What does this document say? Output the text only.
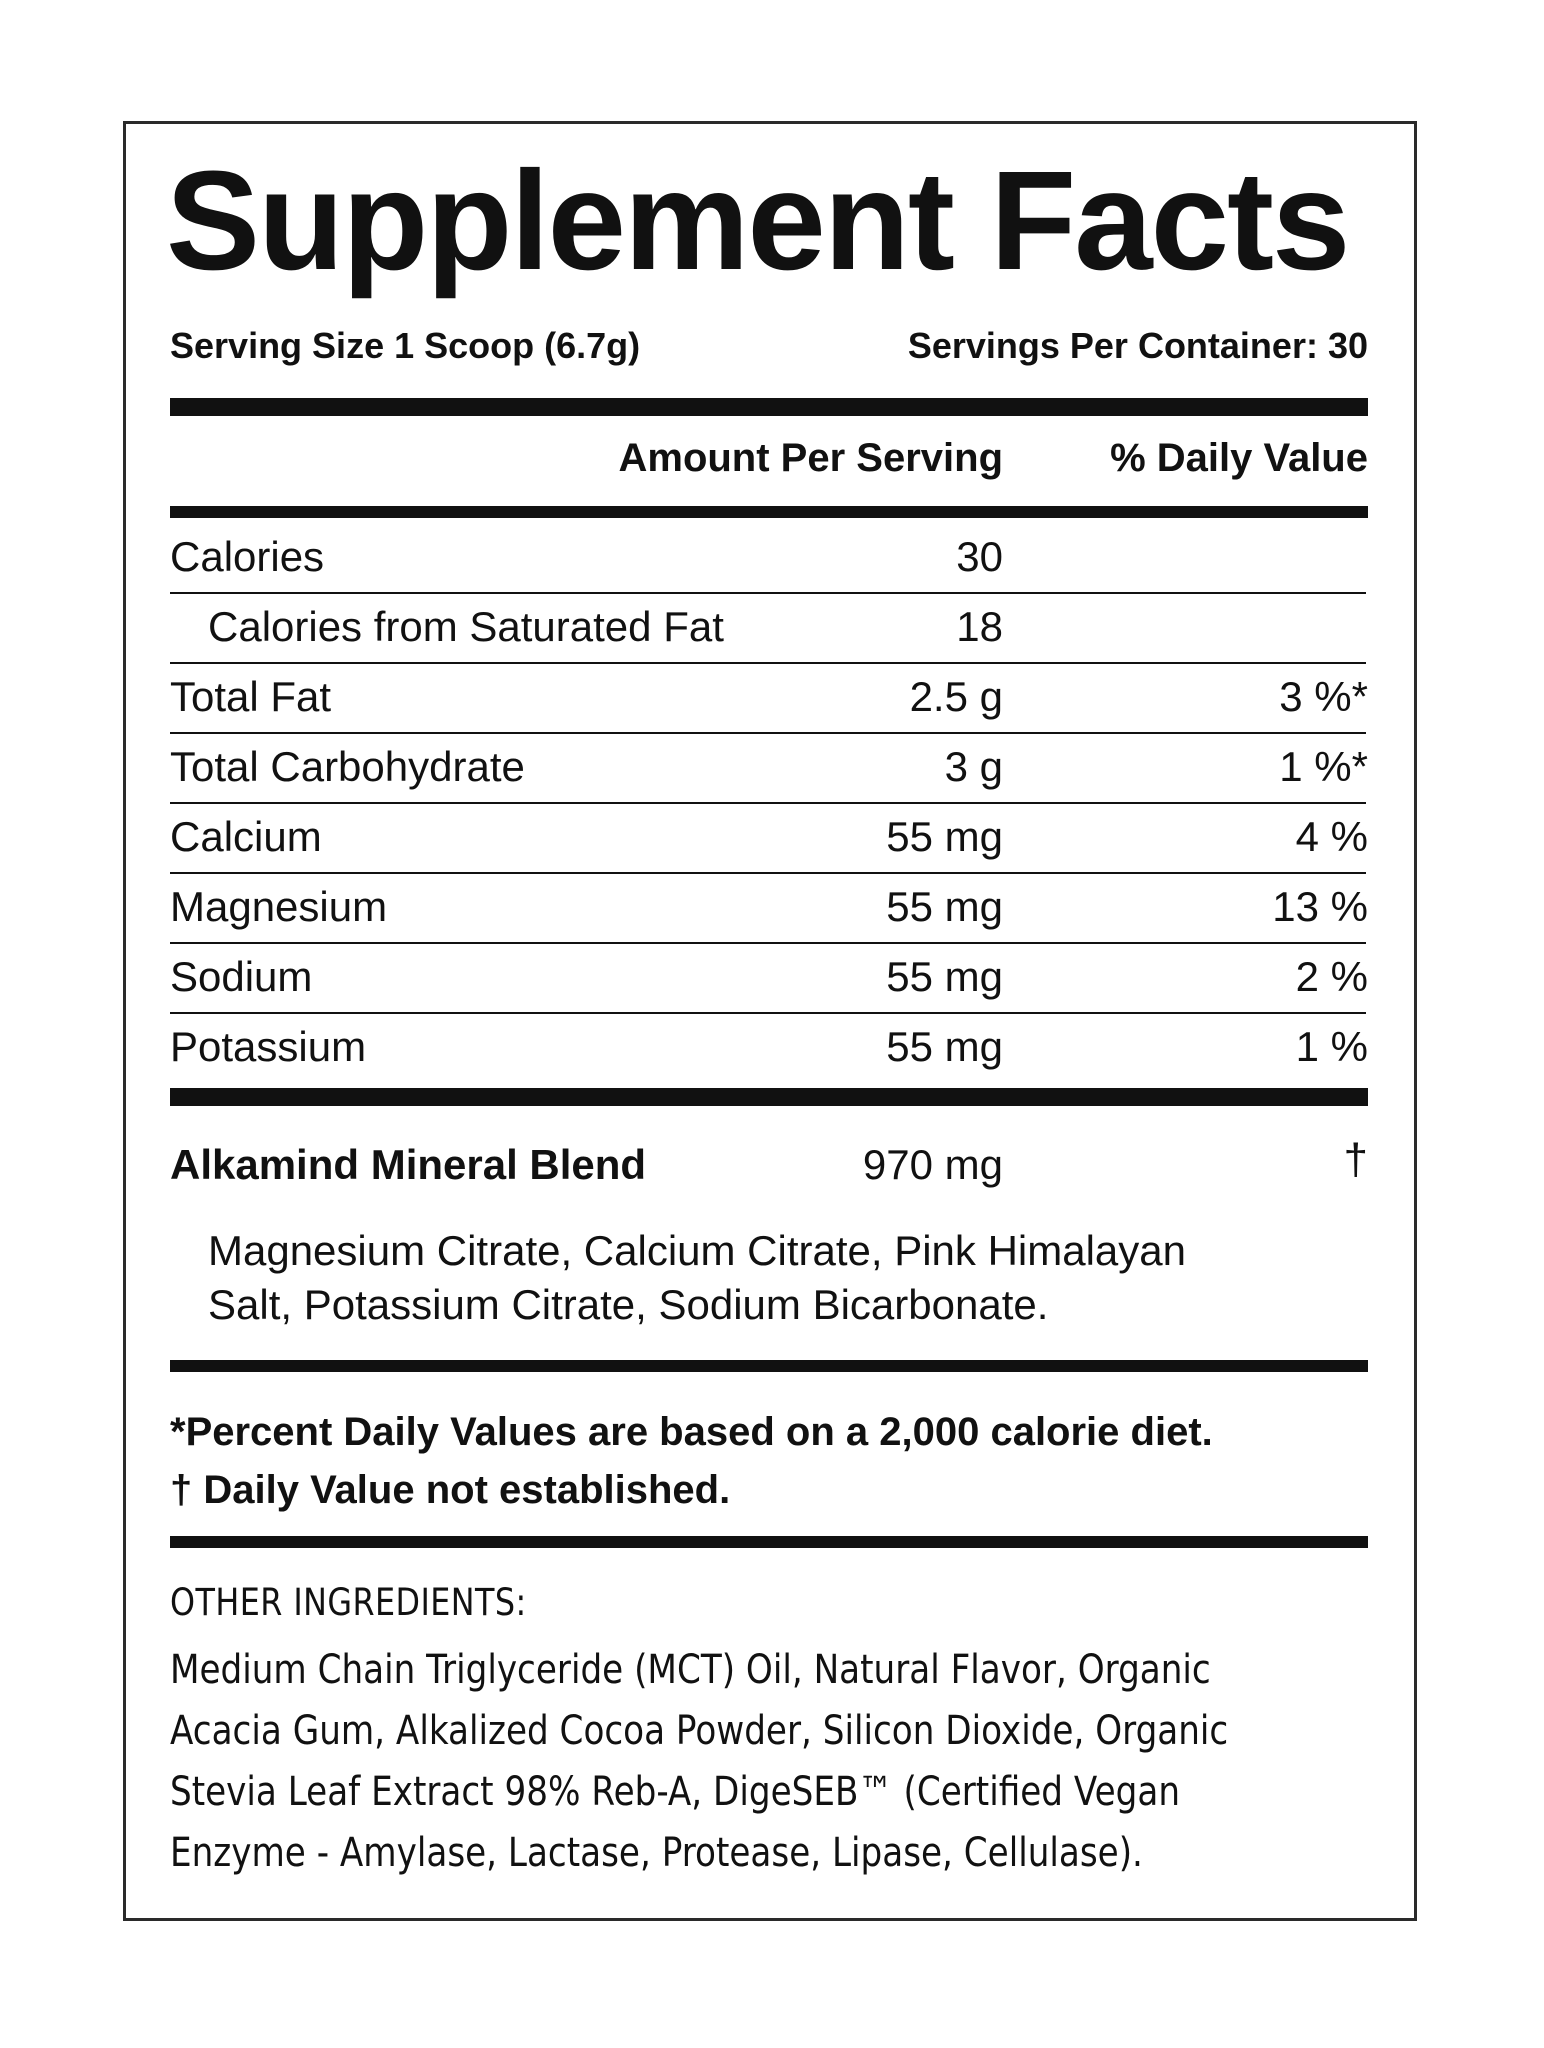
Supplement Facts
Serving Size 1 Scoop (6.7g)	Servings Per Container: 30
Amount Per Serving	% Daily Value
Calories	30
Calories from Saturated Fat	18
Total Fat	2.5 g	3 %*
Total Carbohydrate	3 g	1 %*
Calcium	55 mg	4 %
Magnesium	55 mg	13 %
Sodium	55 mg	2 %
Potassium	55 mg	1 %
Alkamind Mineral Blend	970 mg	†
Magnesium Citrate, Calcium Citrate, Pink Himalayan
Salt, Potassium Citrate, Sodium Bicarbonate.
*Percent Daily Values are based on a 2,000 calorie diet.
† Daily Value not established.
OTHER INGREDIENTS:
Medium Chain Triglyceride (MCT) Oil, Natural Flavor, Organic
Acacia Gum, Alkalized Cocoa Powder, Silicon Dioxide, Organic
Stevia Leaf Extract 98% Reb-A, DigeSEB™ (Certified Vegan
Enzyme - Amylase, Lactase, Protease, Lipase, Cellulase).
